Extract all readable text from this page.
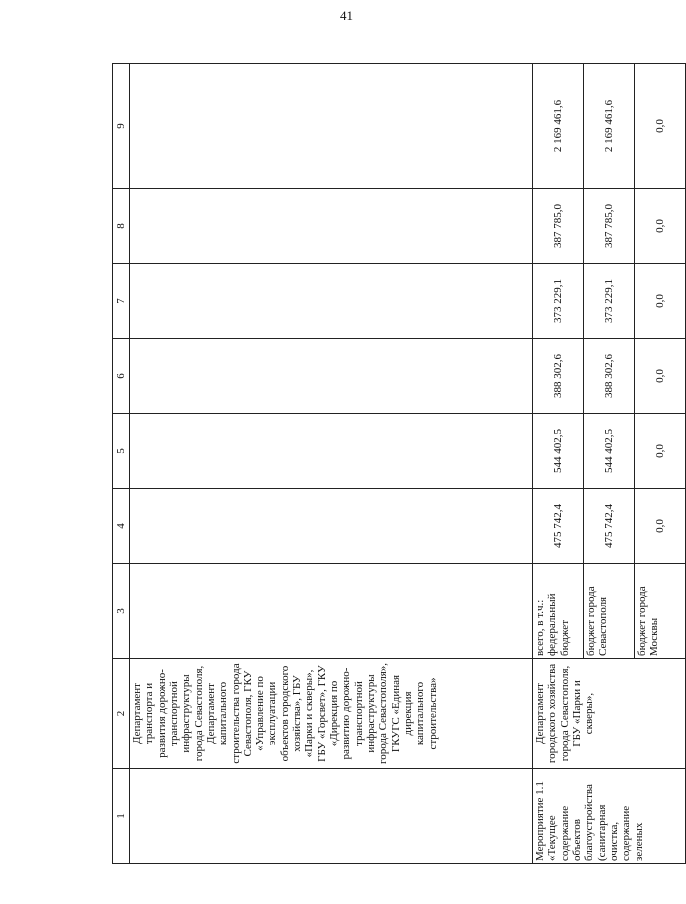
41
1	2	3	4	5	6	7	8	9
	Департамент транспорта и развития дорожно-транспортной инфраструктуры города Севастополя, Департамент капитального строительства города Севастополя, ГКУ «Управление по эксплуатации объектов городского хозяйства», ГБУ «Парки и скверы», ГБУ «Горсвет», ГКУ «Дирекция по развитию дорожно-транспортной инфраструктуры города Севастополя», ГКУГС «Единая дирекция капитального строительства»							
Мероприятие 1.1 «Текущее содержание объектов благоустройства (санитарная очистка, содержание зеленых	Департамент городского хозяйства города Севастополя, ГБУ «Парки и скверы»,	всего, в т.ч.: федеральный бюджет	475 742,4	544 402,5	388 302,6	373 229,1	387 785,0	2 169 461,6
		бюджет города Севастополя	475 742,4	544 402,5	388 302,6	373 229,1	387 785,0	2 169 461,6
		бюджет города Москвы	0,0	0,0	0,0	0,0	0,0	0,0
